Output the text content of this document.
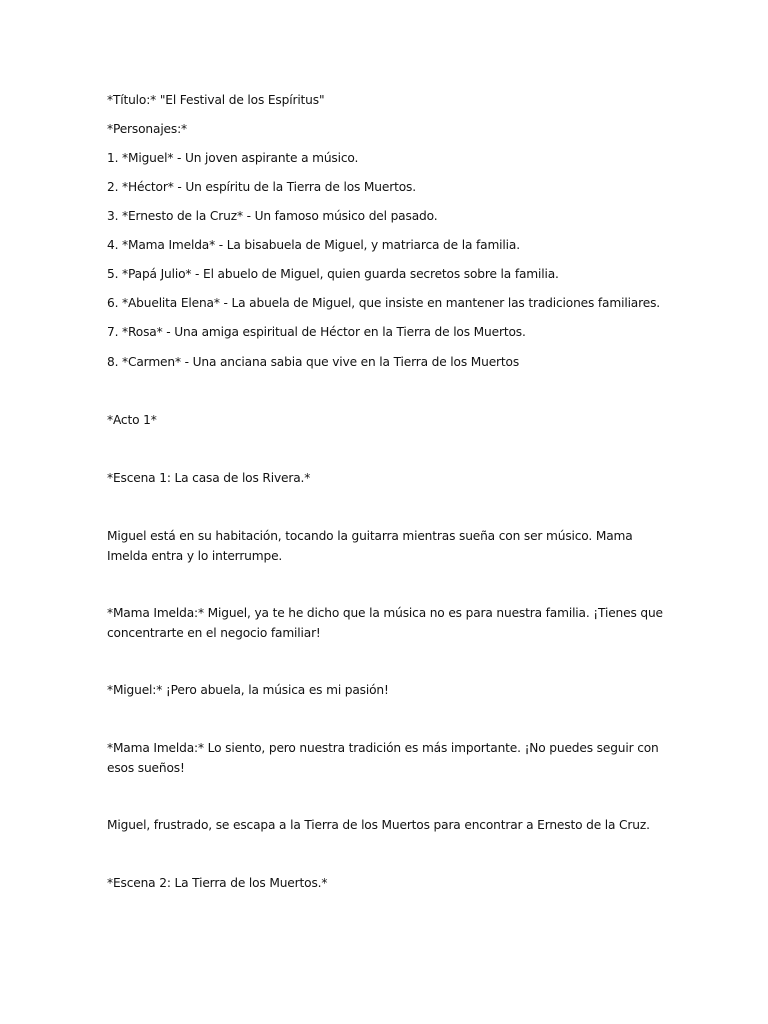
*Título:* "El Festival de los Espíritus"

*Personajes:*

1. *Miguel* - Un joven aspirante a músico.

2. *Héctor* - Un espíritu de la Tierra de los Muertos.

3. *Ernesto de la Cruz* - Un famoso músico del pasado.

4. *Mama Imelda* - La bisabuela de Miguel, y matriarca de la familia.

5. *Papá Julio* - El abuelo de Miguel, quien guarda secretos sobre la familia.

6. *Abuelita Elena* - La abuela de Miguel, que insiste en mantener las tradiciones familiares.

7. *Rosa* - Una amiga espiritual de Héctor en la Tierra de los Muertos.

8. *Carmen* - Una anciana sabia que vive en la Tierra de los Muertos

*Acto 1*

*Escena 1: La casa de los Rivera.*

Miguel está en su habitación, tocando la guitarra mientras sueña con ser músico. Mama Imelda entra y lo interrumpe.

*Mama Imelda:* Miguel, ya te he dicho que la música no es para nuestra familia. ¡Tienes que concentrarte en el negocio familiar!

*Miguel:* ¡Pero abuela, la música es mi pasión!

*Mama Imelda:* Lo siento, pero nuestra tradición es más importante. ¡No puedes seguir con esos sueños!

Miguel, frustrado, se escapa a la Tierra de los Muertos para encontrar a Ernesto de la Cruz.

*Escena 2: La Tierra de los Muertos.*
